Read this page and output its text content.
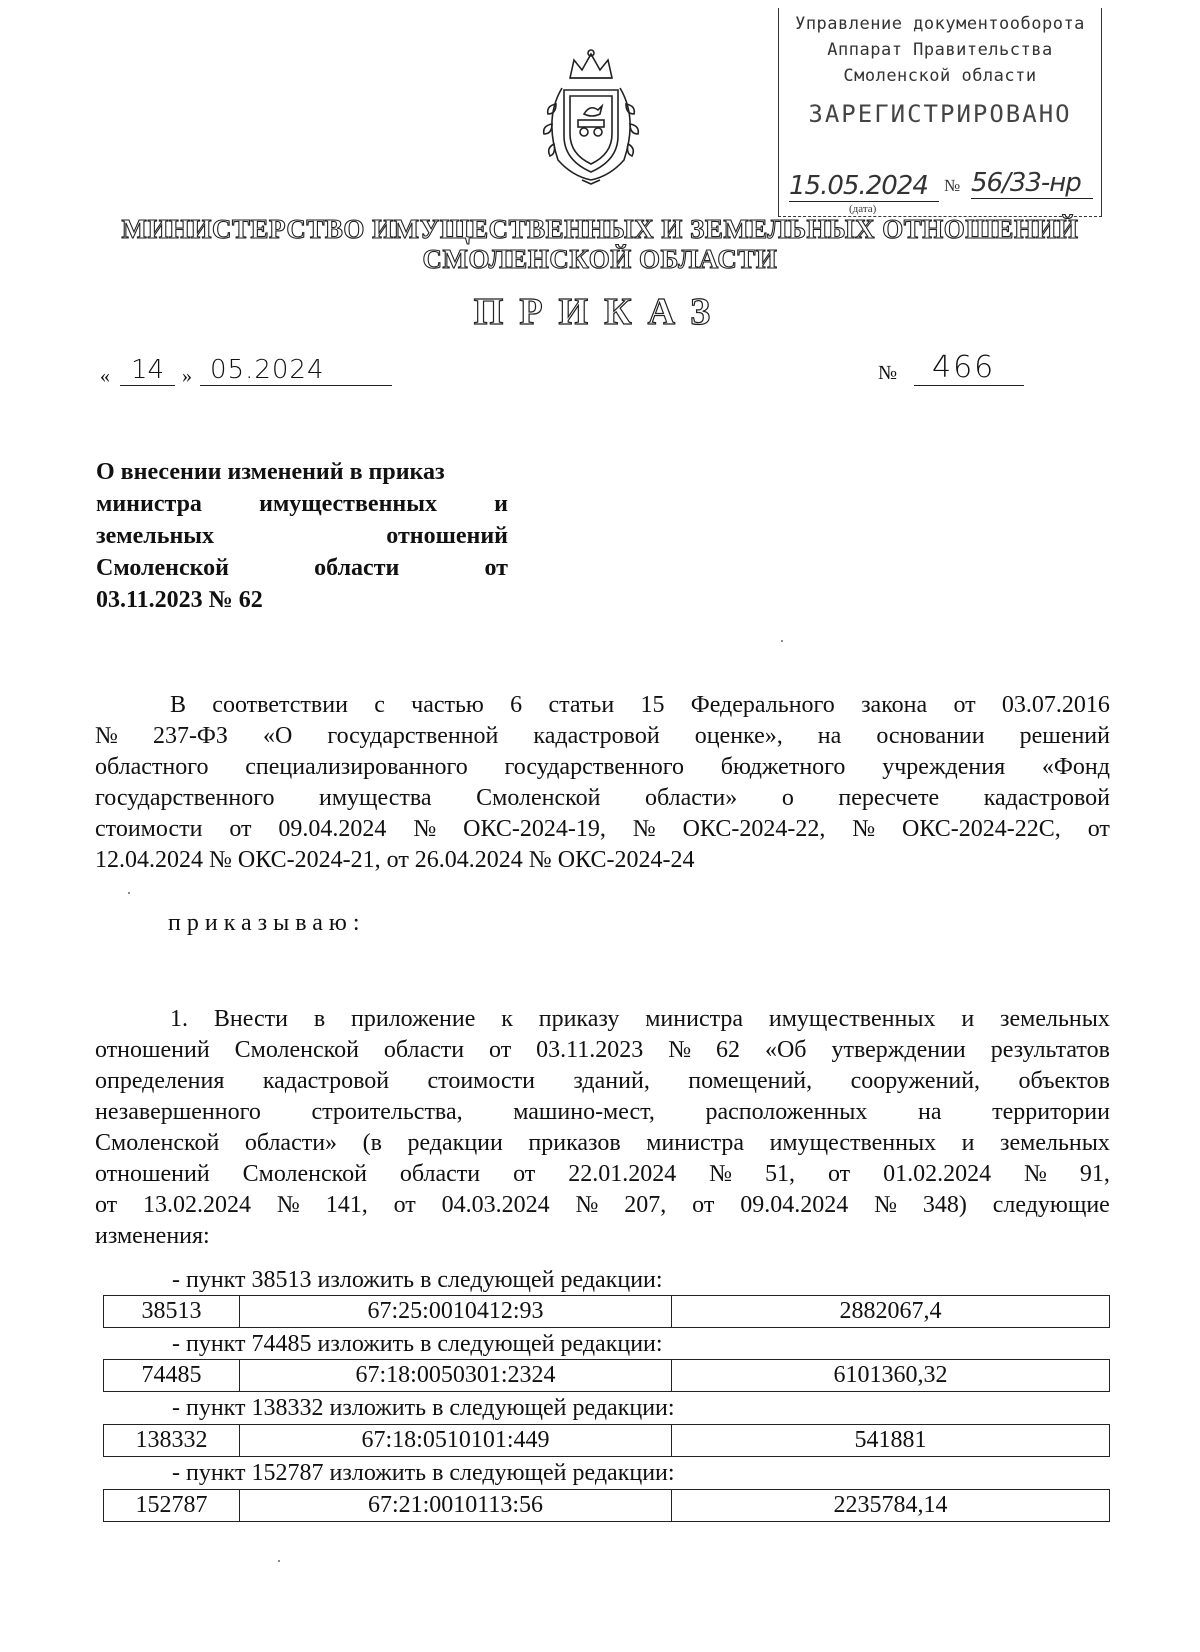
Управление документооборота
Аппарат Правительства
Смоленской области
ЗАРЕГИСТРИРОВАНО
15.05.2024 № 56/33-нр
(дата)
МИНИСТЕРСТВО ИМУЩЕСТВЕННЫХ И ЗЕМЕЛЬНЫХ ОТНОШЕНИЙ
СМОЛЕНСКОЙ ОБЛАСТИ
ПРИКАЗ
« 14 » 05.2024	№	466
О внесении изменений в приказ
министра имущественных и
земельных	отношений
Смоленской	области	от
03.11.2023 № 62
В соответствии с частью 6 статьи 15 Федерального закона от 03.07.2016
№ 237-ФЗ «О государственной кадастровой оценке», на основании решений
областного специализированного государственного бюджетного учреждения «Фонд
государственного имущества Смоленской области» о пересчете кадастровой
стоимости от 09.04.2024 № ОКС-2024-19, № ОКС-2024-22, № ОКС-2024-22С, от
12.04.2024 № ОКС-2024-21, от 26.04.2024 № ОКС-2024-24
приказываю:
1. Внести в приложение к приказу министра имущественных и земельных
отношений Смоленской области от 03.11.2023 № 62 «Об утверждении результатов
определения кадастровой стоимости зданий, помещений, сооружений, объектов
незавершенного строительства, машино-мест, расположенных на территории
Смоленской области» (в редакции приказов министра имущественных и земельных
отношений Смоленской области от 22.01.2024 № 51, от 01.02.2024 № 91,
от 13.02.2024 № 141, от 04.03.2024 № 207, от 09.04.2024 № 348) следующие
изменения:
- пункт 38513 изложить в следующей редакции:
38513	67:25:0010412:93	2882067,4
- пункт 74485 изложить в следующей редакции:
74485	67:18:0050301:2324	6101360,32
- пункт 138332 изложить в следующей редакции:
138332	67:18:0510101:449	541881
- пункт 152787 изложить в следующей редакции:
152787	67:21:0010113:56	2235784,14
